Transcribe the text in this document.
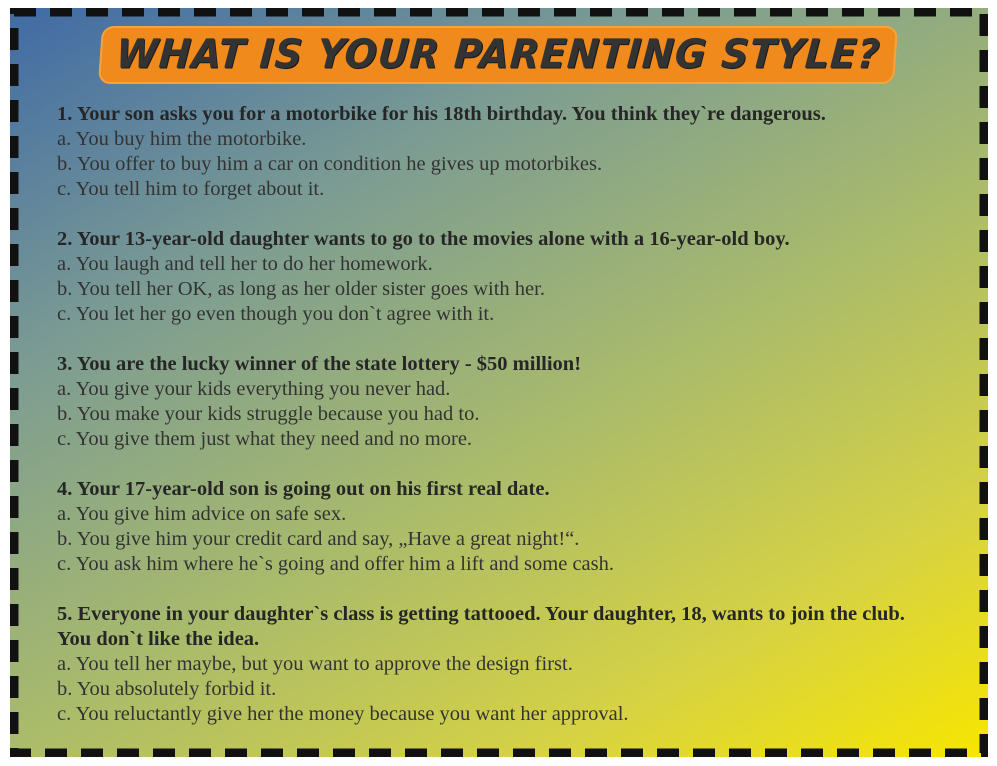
WHAT IS YOUR PARENTING STYLE?
1. Your son asks you for a motorbike for his 18th birthday. You think they`re dangerous.
a. You buy him the motorbike.
b. You offer to buy him a car on condition he gives up motorbikes.
c. You tell him to forget about it.
2. Your 13-year-old daughter wants to go to the movies alone with a 16-year-old boy.
a. You laugh and tell her to do her homework.
b. You tell her OK, as long as her older sister goes with her.
c. You let her go even though you don`t agree with it.
3. You are the lucky winner of the state lottery - $50 million!
a. You give your kids everything you never had.
b. You make your kids struggle because you had to.
c. You give them just what they need and no more.
4. Your 17-year-old son is going out on his first real date.
a. You give him advice on safe sex.
b. You give him your credit card and say, „Have a great night!“.
c. You ask him where he`s going and offer him a lift and some cash.
5. Everyone in your daughter`s class is getting tattooed. Your daughter, 18, wants to join the club. You don`t like the idea.
a. You tell her maybe, but you want to approve the design first.
b. You absolutely forbid it.
c. You reluctantly give her the money because you want her approval.
